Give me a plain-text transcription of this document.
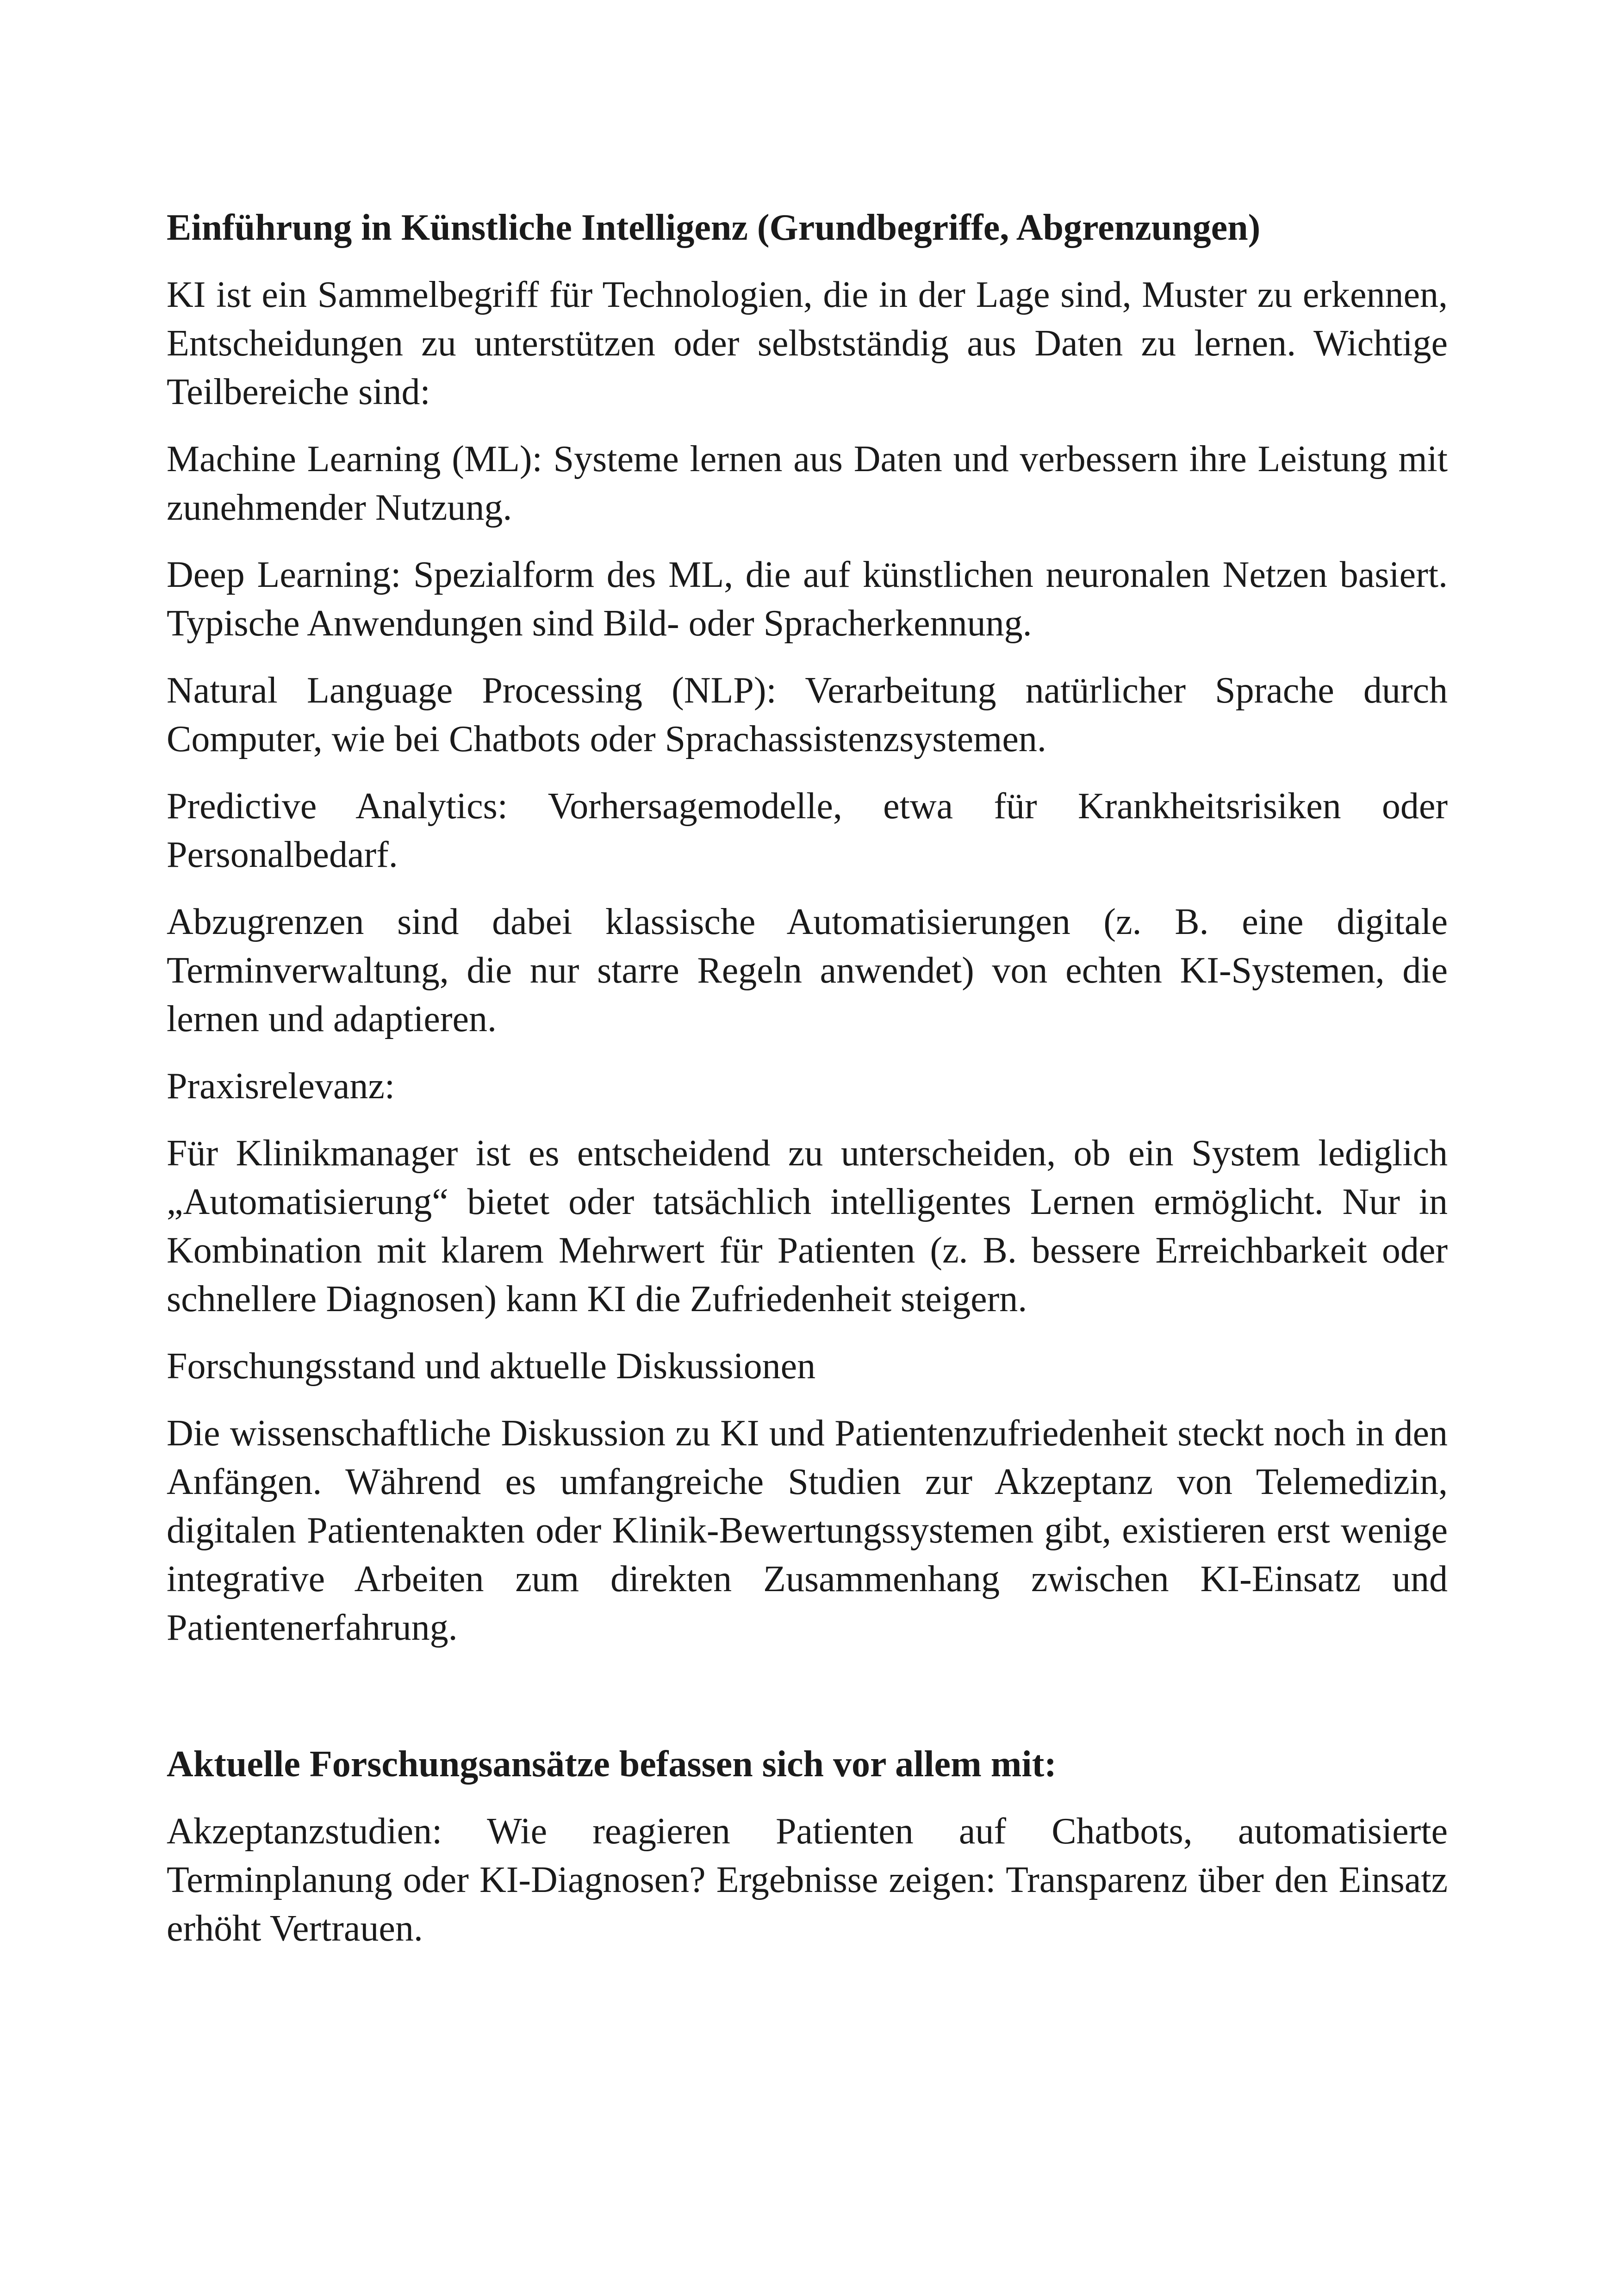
Einführung in Künstliche Intelligenz (Grundbegriffe, Abgrenzungen)

KI ist ein Sammelbegriff für Technologien, die in der Lage sind, Muster zu erkennen, Entscheidungen zu unterstützen oder selbstständig aus Daten zu lernen. Wichtige Teilbereiche sind:

Machine Learning (ML): Systeme lernen aus Daten und verbessern ihre Leistung mit zunehmender Nutzung.

Deep Learning: Spezialform des ML, die auf künstlichen neuronalen Netzen basiert. Typische Anwendungen sind Bild- oder Spracherkennung.

Natural Language Processing (NLP): Verarbeitung natürlicher Sprache durch Computer, wie bei Chatbots oder Sprachassistenzsystemen.

Predictive Analytics: Vorhersagemodelle, etwa für Krankheitsrisiken oder Personalbedarf.

Abzugrenzen sind dabei klassische Automatisierungen (z. B. eine digitale Terminverwaltung, die nur starre Regeln anwendet) von echten KI-Systemen, die lernen und adaptieren.

Praxisrelevanz:

Für Klinikmanager ist es entscheidend zu unterscheiden, ob ein System lediglich „Automatisierung“ bietet oder tatsächlich intelligentes Lernen ermöglicht. Nur in Kombination mit klarem Mehrwert für Patienten (z. B. bessere Erreichbarkeit oder schnellere Diagnosen) kann KI die Zufriedenheit steigern.

Forschungsstand und aktuelle Diskussionen

Die wissenschaftliche Diskussion zu KI und Patientenzufriedenheit steckt noch in den Anfängen. Während es umfangreiche Studien zur Akzeptanz von Telemedizin, digitalen Patientenakten oder Klinik-Bewertungssystemen gibt, existieren erst wenige integrative Arbeiten zum direkten Zusammenhang zwischen KI-Einsatz und Patientenerfahrung.

Aktuelle Forschungsansätze befassen sich vor allem mit:

Akzeptanzstudien: Wie reagieren Patienten auf Chatbots, automatisierte Terminplanung oder KI-Diagnosen? Ergebnisse zeigen: Transparenz über den Einsatz erhöht Vertrauen.
